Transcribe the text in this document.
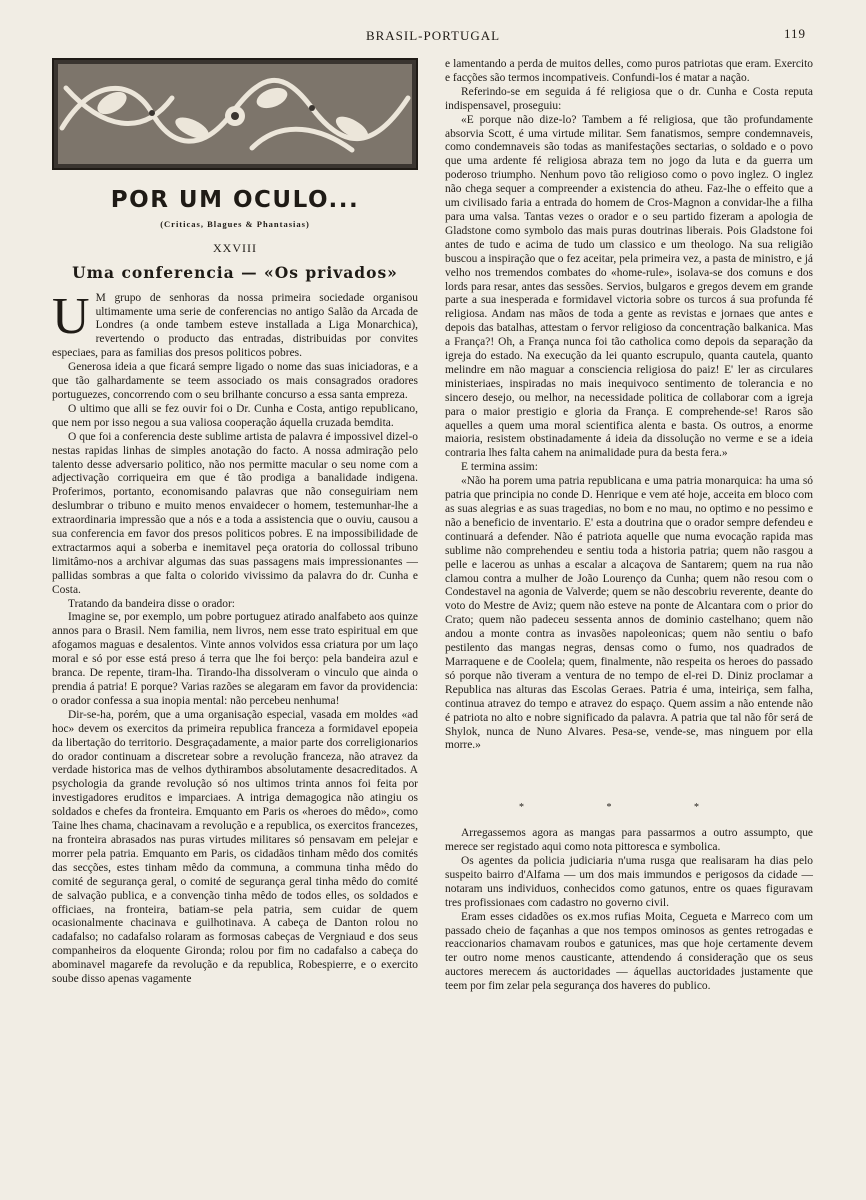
BRASIL-PORTUGAL	119
POR UM OCULO...
(Criticas, Blagues & Phantasias)
XXVIII
Uma conferencia — «Os privados»

U M grupo de senhoras da nossa primeira sociedade organisou ultimamente uma serie de conferencias no antigo Salão da Arcada de Londres (a onde tambem esteve installada a Liga Monarchica), revertendo o producto das entradas, distribuidas por convites especiaes, para as familias dos presos politicos pobres.

Generosa ideia a que ficará sempre ligado o nome das suas iniciadoras, e a que tão galhardamente se teem associado os mais consagrados oradores portuguezes, concorrendo com o seu brilhante concurso a essa santa empreza.

O ultimo que alli se fez ouvir foi o Dr. Cunha e Costa, antigo republicano, que nem por isso negou a sua valiosa cooperação áquella cruzada bemdita.

O que foi a conferencia deste sublime artista de palavra é impossivel dizel-o nestas rapidas linhas de simples anotação do facto. A nossa admiração pelo talento desse adversario politico, não nos permitte macular o seu nome com a adjectivação corriqueira em que é tão prodiga a banalidade indigena. Proferimos, portanto, economisando palavras que não conseguiriam nem deslumbrar o tribuno e muito menos envaidecer o homem, testemunhar-lhe a extraordinaria impressão que a nós e a toda a assistencia que o ouviu, causou a sua conferencia em favor dos presos politicos pobres. E na impossibilidade de extractarmos aqui a soberba e inemitavel peça oratoria do collossal tribuno limitâmo-nos a archivar algumas das suas passagens mais impressionantes — pallidas sombras a que falta o colorido vivissimo da palavra do dr. Cunha e Costa.

Tratando da bandeira disse o orador:

Imagine se, por exemplo, um pobre portuguez atirado analfabeto aos quinze annos para o Brasil. Nem familia, nem livros, nem esse trato espiritual em que afogamos maguas e desalentos. Vinte annos volvidos essa criatura por um laço moral e só por esse está preso á terra que lhe foi berço: pela bandeira azul e branca. De repente, tiram-lha. Tirando-lha dissolveram o vinculo que ainda o prendia á patria! E porque? Varias razões se alegaram em favor da providencia: o orador confessa a sua inopia mental: não percebeu nenhuma!

Dir-se-ha, porém, que a uma organisação especial, vasada em moldes «ad hoc» devem os exercitos da primeira republica franceza a formidavel epopeia da libertação do territorio. Desgraçadamente, a maior parte dos correligionarios do orador continuam a discretear sobre a revolução franceza, não atravez da verdade historica mas de velhos dythirambos absolutamente desacreditados. A psychologia da grande revolução só nos ultimos trinta annos foi feita por investigadores eruditos e imparciaes. A intriga demagogica não atingiu os soldados e chefes da fronteira. Emquanto em Paris os «heroes do mêdo», como Taine lhes chama, chacinavam a revolução e a republica, os exercitos francezes, na fronteira abrasados nas puras virtudes militares só pensavam em pelejar e morrer pela patria. Emquanto em Paris, os cidadãos tinham mêdo dos comités das secções, estes tinham mêdo da communa, a communa tinha mêdo do comité de segurança geral, o comité de segurança geral tinha mêdo do comité de salvação publica, e a convenção tinha mêdo de todos elles, os soldados e officiaes, na fronteira, batiam-se pela patria, sem cuidar de quem ocasionalmente chacinava e guilhotinava. A cabeça de Danton rolou no cadafalso; no cadafalso rolaram as formosas cabeças de Vergniaud e dos seus companheiros da eloquente Gironda; rolou por fim no cadafalso a cabeça do abominavel magarefe da revolução e da republica, Robespierre, e o exercito soube disso apenas vagamente

e lamentando a perda de muitos delles, como puros patriotas que eram. Exercito e facções são termos incompativeis. Confundi-los é matar a nação.

Referindo-se em seguida á fé religiosa que o dr. Cunha e Costa reputa indispensavel, proseguiu:

«E porque não dize-lo? Tambem a fé religiosa, que tão profundamente absorvia Scott, é uma virtude militar. Sem fanatismos, sempre condemnaveis, como condemnaveis são todas as manifestações sectarias, o soldado e o povo que uma ardente fé religiosa abraza tem no jogo da luta e da guerra um poderoso triumpho. Nenhum povo tão religioso como o povo inglez. O inglez não chega sequer a compreender a existencia do atheu. Faz-lhe o effeito que a um civilisado faria a entrada do homem de Cros-Magnon a convidar-lhe a filha para uma valsa. Tantas vezes o orador e o seu partido fizeram a apologia de Gladstone como symbolo das mais puras doutrinas liberais. Pois Gladstone foi antes de tudo e acima de tudo um classico e um theologo. Na sua religião buscou a inspiração que o fez aceitar, pela primeira vez, a pasta de ministro, e já velho nos tremendos combates do «home-rule», isolava-se dos comuns e dos lords para resar, antes das sessões. Servios, bulgaros e gregos devem em grande parte a sua inesperada e formidavel victoria sobre os turcos á sua profunda fé religiosa. Andam nas mãos de toda a gente as revistas e jornaes que antes e depois das batalhas, attestam o fervor religioso da concentração balkanica. Mas a França?! Oh, a França nunca foi tão catholica como depois da separação da igreja do estado. Na execução da lei quanto escrupulo, quanta cautela, quanto melindre em não maguar a consciencia religiosa do paiz! E' ler as circulares ministeriaes, inspiradas no mais inequivoco sentimento de tolerancia e no sincero desejo, ou melhor, na necessidade politica de collaborar com a igreja para o maior prestigio e gloria da França. E comprehende-se! Raros são aquelles a quem uma moral scientifica alenta e basta. Os outros, a enorme maioria, resistem obstinadamente á ideia da dissolução no verme e se a ideia contraria lhes falta cahem na animalidade pura da besta fera.»

E termina assim:

«Não ha porem uma patria republicana e uma patria monarquica: ha uma só patria que principia no conde D. Henrique e vem até hoje, acceita em bloco com as suas alegrias e as suas tragedias, no bom e no mau, no optimo e no pessimo e não a beneficio de inventario. E' esta a doutrina que o orador sempre defendeu e continuará a defender. Não é patriota aquelle que numa evocação rapida mas sublime não comprehendeu e sentiu toda a historia patria; quem não rasgou a pelle e lacerou as unhas a escalar a alcaçova de Santarem; quem na rua não clamou contra a mulher de João Lourenço da Cunha; quem não resou com o Condestavel na agonia de Valverde; quem se não descobriu reverente, deante do voto do Mestre de Aviz; quem não esteve na ponte de Alcantara com o prior do Crato; quem não padeceu sessenta annos de dominio castelhano; quem não andou a monte contra as invasões napoleonicas; quem não sentiu o bafo pestilento das mangas negras, densas como o fumo, nos quadrados de Marraquene e de Coolela; quem, finalmente, não respeita os heroes do passado só porque não tiveram a ventura de no tempo de el-rei D. Diniz proclamar a Republica nas alturas das Escolas Geraes. Patria é uma, inteiriça, sem falha, continua atravez do tempo e atravez do espaço. Quem assim a não entende não é patriota no alto e nobre significado da palavra. A patria que tal não fôr será de Shylok, nunca de Nuno Alvares. Pesa-se, vende-se, mas ninguem por ella morre.»

* * *

Arregassemos agora as mangas para passarmos a outro assumpto, que merece ser registado aqui como nota pittoresca e symbolica.

Os agentes da policia judiciaria n'uma rusga que realisaram ha dias pelo suspeito bairro d'Alfama — um dos mais immundos e perigosos da cidade — notaram uns individuos, conhecidos como gatunos, entre os quaes figuravam tres profissionaes com cadastro no governo civil.

Eram esses cidadões os ex.mos rufias Moita, Cegueta e Marreco com um passado cheio de façanhas a que nos tempos ominosos as gentes retrogadas e reaccionarios chamavam roubos e gatunices, mas que hoje certamente devem ter outro nome menos causticante, attendendo á consideração que os seus auctores merecem ás auctoridades — áquellas auctoridades justamente que teem por fim zelar pela segurança dos haveres do publico.
